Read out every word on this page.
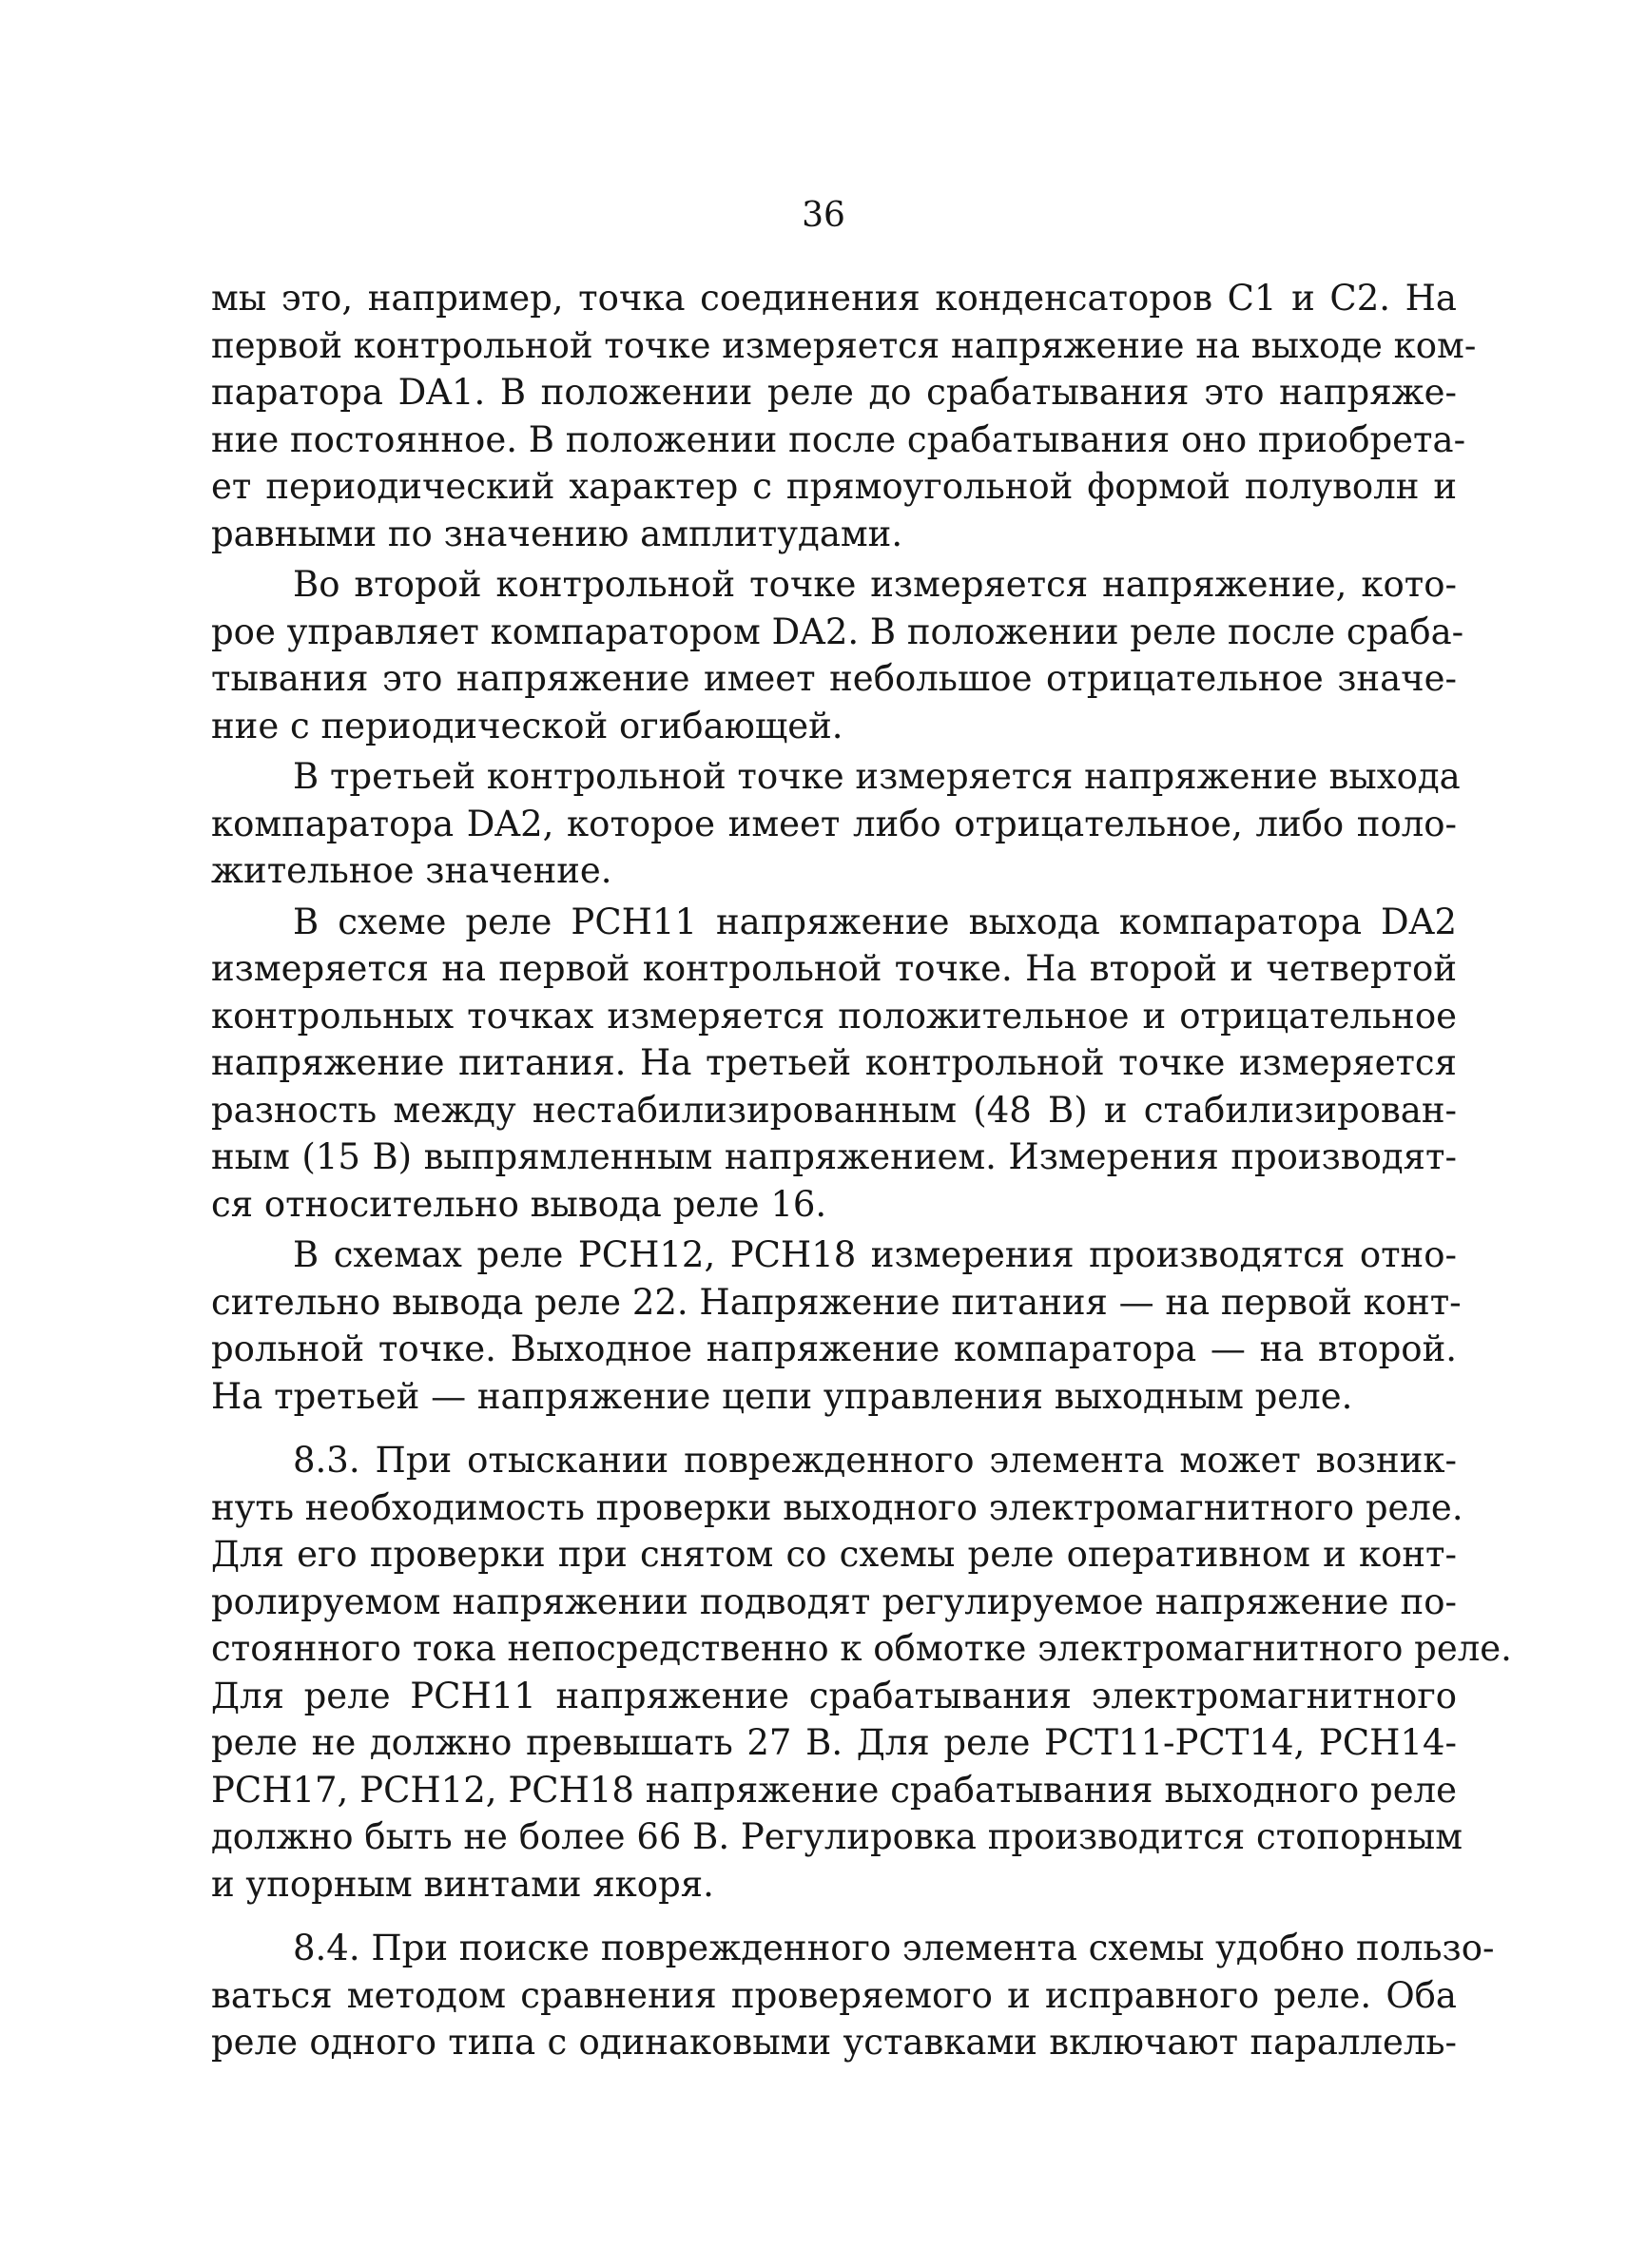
36
мы это, например, точка соединения конденсаторов C1 и C2. На
первой контрольной точке измеряется напряжение на выходе ком-
паратора DA1. В положении реле до срабатывания это напряже-
ние постоянное. В положении после срабатывания оно приобрета-
ет периодический характер с прямоугольной формой полуволн и
равными по значению амплитудами.
Во второй контрольной точке измеряется напряжение, кото-
рое управляет компаратором DA2. В положении реле после сраба-
тывания это напряжение имеет небольшое отрицательное значе-
ние с периодической огибающей.
В третьей контрольной точке измеряется напряжение выхода
компаратора DA2, которое имеет либо отрицательное, либо поло-
жительное значение.
В схеме реле РСН11 напряжение выхода компаратора DA2
измеряется на первой контрольной точке. На второй и четвертой
контрольных точках измеряется положительное и отрицательное
напряжение питания. На третьей контрольной точке измеряется
разность между нестабилизированным (48 В) и стабилизирован-
ным (15 В) выпрямленным напряжением. Измерения производят-
ся относительно вывода реле 16.
В схемах реле РСН12, РСН18 измерения производятся отно-
сительно вывода реле 22. Напряжение питания — на первой конт-
рольной точке. Выходное напряжение компаратора — на второй.
На третьей — напряжение цепи управления выходным реле.
8.3. При отыскании поврежденного элемента может возник-
нуть необходимость проверки выходного электромагнитного реле.
Для его проверки при снятом со схемы реле оперативном и конт-
ролируемом напряжении подводят регулируемое напряжение по-
стоянного тока непосредственно к обмотке электромагнитного реле.
Для реле РСН11 напряжение срабатывания электромагнитного
реле не должно превышать 27 В. Для реле РСТ11-РСТ14, РСН14-
РСН17, РСН12, РСН18 напряжение срабатывания выходного реле
должно быть не более 66 В. Регулировка производится стопорным
и упорным винтами якоря.
8.4. При поиске поврежденного элемента схемы удобно пользо-
ваться методом сравнения проверяемого и исправного реле. Оба
реле одного типа с одинаковыми уставками включают параллель-
